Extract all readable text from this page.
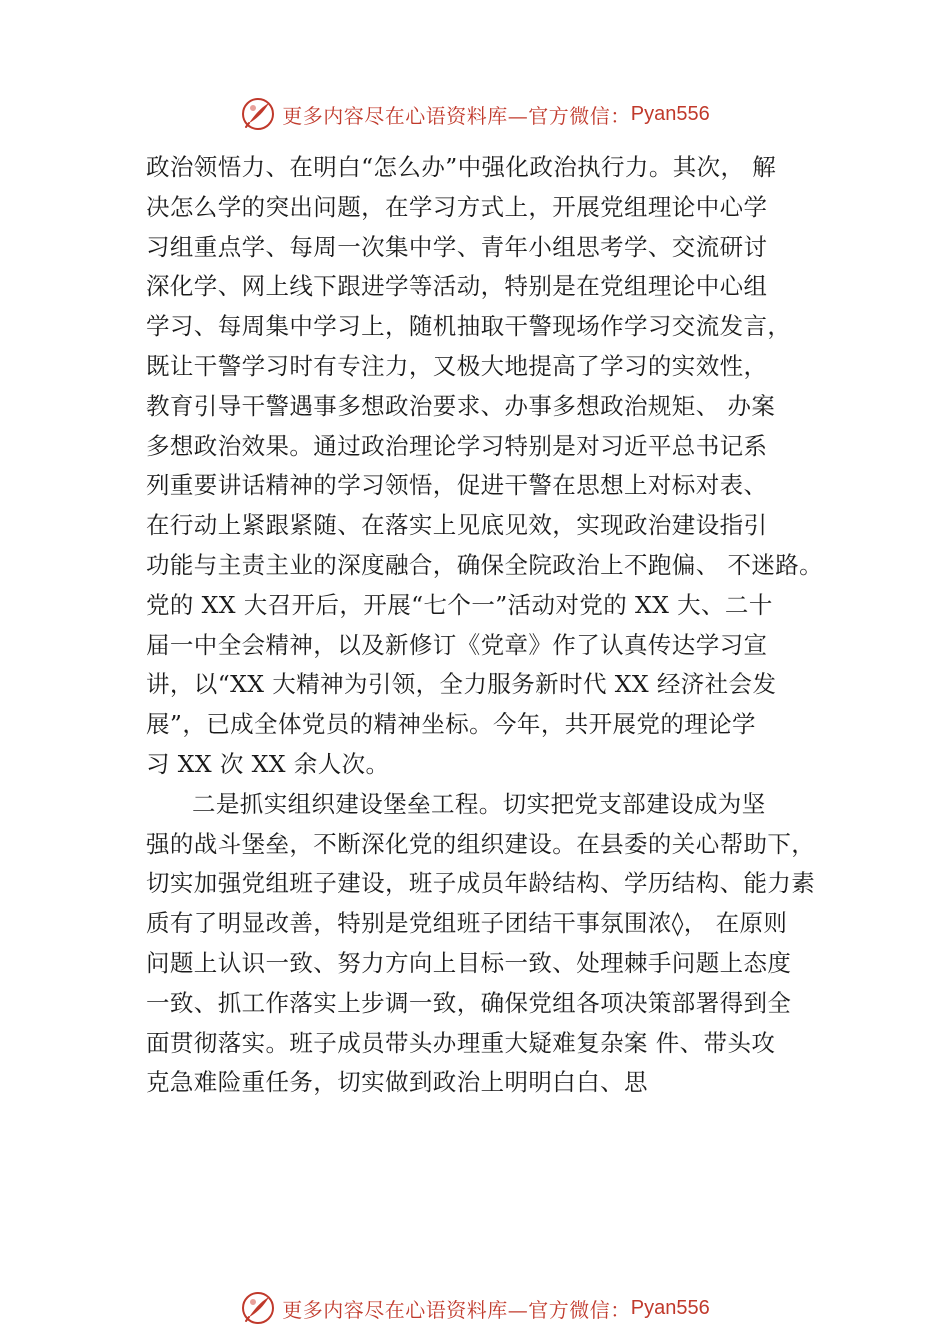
更多内容尽在心语资料库—官方微信： Pyan556
政治领悟力、在明白“怎么办”中强化政治执行力。其次， 解
决怎么学的突出问题，在学习方式上，开展党组理论中心学
习组重点学、每周一次集中学、青年小组思考学、交流研讨
深化学、网上线下跟进学等活动，特别是在党组理论中心组
学习、每周集中学习上，随机抽取干警现场作学习交流发言，
既让干警学习时有专注力，又极大地提高了学习的实效性，
教育引导干警遇事多想政治要求、办事多想政治规矩、 办案
多想政治效果。通过政治理论学习特别是对习近平总书记系
列重要讲话精神的学习领悟，促进干警在思想上对标对表、
在行动上紧跟紧随、在落实上见底见效，实现政治建设指引
功能与主责主业的深度融合，确保全院政治上不跑偏、 不迷路。
党的 XX 大召开后，开展“七个一”活动对党的 XX 大、二十
届一中全会精神，以及新修订《党章》作了认真传达学习宣
讲，以“XX 大精神为引领，全力服务新时代 XX 经济社会发
展”，已成全体党员的精神坐标。今年，共开展党的理论学
习 XX 次 XX 余人次。
二是抓实组织建设堡垒工程。切实把党支部建设成为坚
强的战斗堡垒，不断深化党的组织建设。在县委的关心帮助下，
切实加强党组班子建设，班子成员年龄结构、学历结构、能力素
质有了明显改善，特别是党组班子团结干事氛围浓◊， 在原则
问题上认识一致、努力方向上目标一致、处理棘手问题上态度
一致、抓工作落实上步调一致，确保党组各项决策部署得到全
面贯彻落实。班子成员带头办理重大疑难复杂案 件、带头攻
克急难险重任务，切实做到政治上明明白白、思
更多内容尽在心语资料库—官方微信： Pyan556
